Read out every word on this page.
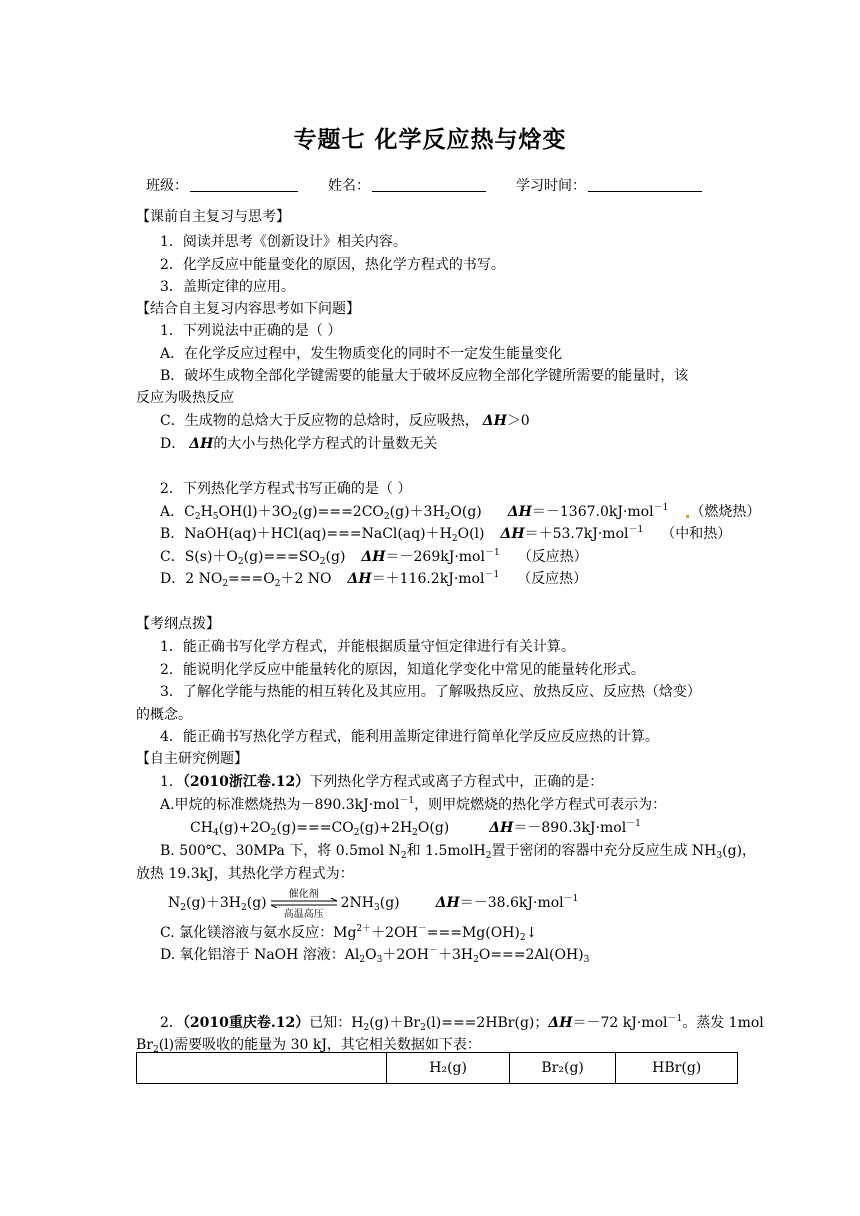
专题七 化学反应热与焓变
班级：	姓名：	学习时间：
【课前自主复习与思考】
1．阅读并思考《创新设计》相关内容。
2．化学反应中能量变化的原因，热化学方程式的书写。
3．盖斯定律的应用。
【结合自主复习内容思考如下问题】
1．下列说法中正确的是（ ）
A．在化学反应过程中，发生物质变化的同时不一定发生能量变化
B．破坏生成物全部化学键需要的能量大于破坏反应物全部化学键所需要的能量时，该
反应为吸热反应
C．生成物的总焓大于反应物的总焓时，反应吸热， ΔH＞0
D． ΔH的大小与热化学方程式的计量数无关
2．下列热化学方程式书写正确的是（ ）
A．$C_2H_5OH(l)+3O_2(g)===2CO_2(g)+3H_2O(g)$ ΔH＝－1367.0kJ·mol$^{-1}$ （燃烧热）
B．$NaOH(aq)+HCl(aq)===NaCl(aq)+H_2O(l)$ ΔH＝＋53.7kJ·mol$^{-1}$ （中和热）
C．$S(s)+O_2(g)===SO_2(g)$ ΔH＝－269kJ·mol$^{-1}$ （反应热）
D．2 $NO_2===O_2+2$ NO ΔH＝＋116.2kJ·mol$^{-1}$ （反应热）
【考纲点拨】
1．能正确书写化学方程式，并能根据质量守恒定律进行有关计算。
2．能说明化学反应中能量转化的原因，知道化学变化中常见的能量转化形式。
3．了解化学能与热能的相互转化及其应用。了解吸热反应、放热反应、反应热（焓变）
的概念。
4．能正确书写热化学方程式，能利用盖斯定律进行简单化学反应反应热的计算。
【自主研究例题】
1．（2010浙江卷.12）下列热化学方程式或离子方程式中，正确的是：
A.甲烷的标准燃烧热为－890.3kJ·mol$^{-1}$，则甲烷燃烧的热化学方程式可表示为：
$CH_4(g)+2O_2(g)===CO_2(g)+2H_2O(g)$	ΔH＝－890.3kJ·mol$^{-1}$
B. 500℃、30MPa 下，将 0.5mol $N_2$和 1.5molH$_2$置于密闭的容器中充分反应生成 $NH_3(g)$，
放热 19.3kJ，其热化学方程式为：
$N_2(g)+3H_2(g)$
催化剂
高温高压
$2NH_3(g)$	ΔH＝－38.6kJ·mol$^{-1}$
C. 氯化镁溶液与氨水反应：$Mg^{2+}+2OH^-===Mg(OH)_2↓$
D. 氧化铝溶于 NaOH 溶液：$Al_2O_3+2OH^-+3H_2O===2Al(OH)_3$
2．（2010重庆卷.12）已知：$H_2(g)+Br_2(l)===2HBr(g)$；ΔH＝－72 kJ·mol$^{-1}$。蒸发 1mol
$Br_2(l)$需要吸收的能量为 30 kJ，其它相关数据如下表：
	H₂(g)	Br₂(g)	HBr(g)
